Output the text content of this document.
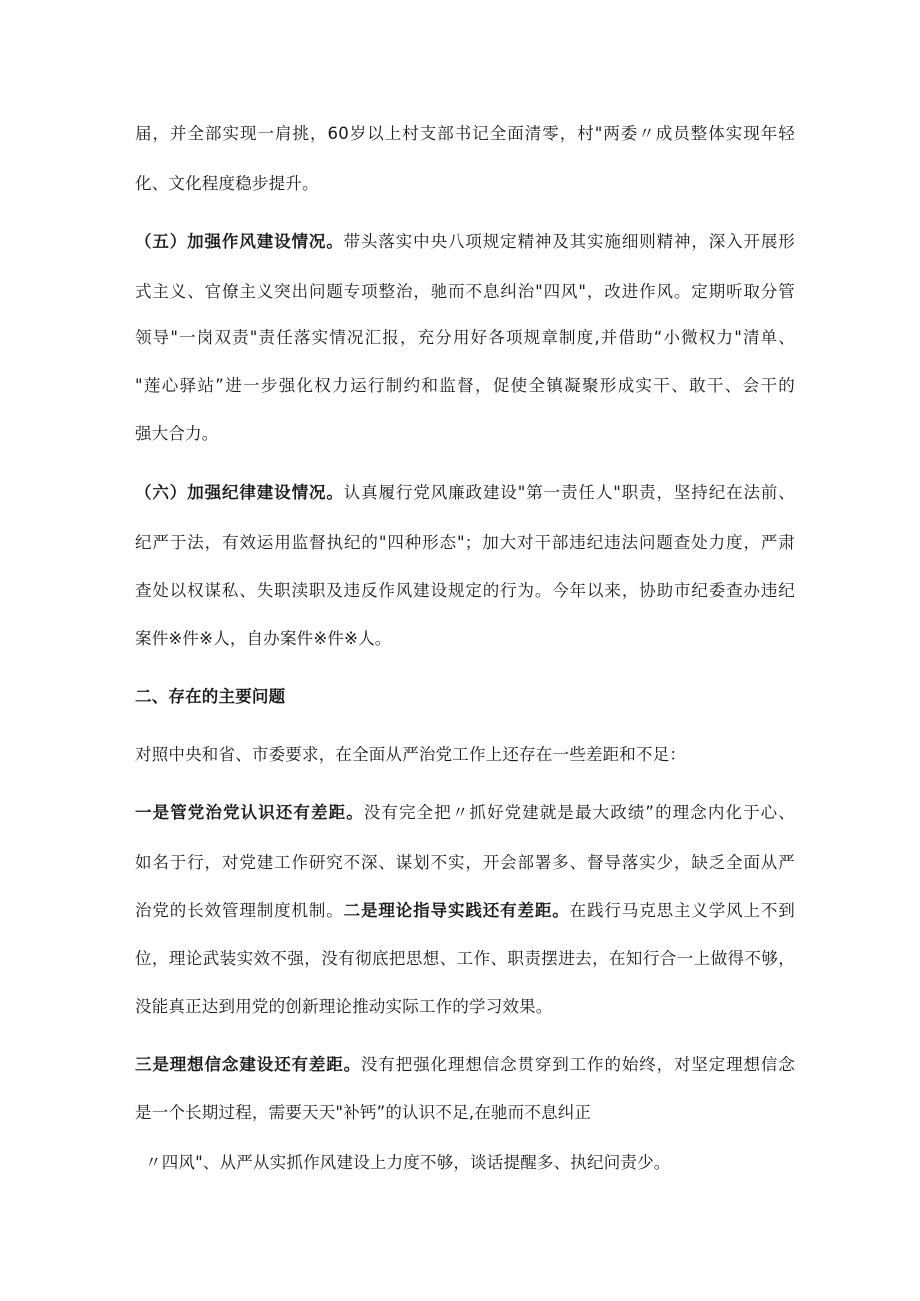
届，并全部实现一肩挑，60岁以上村支部书记全面清零，村"两委〃成员整体实现年轻
化、文化程度稳步提升。
（五）加强作风建设情况。带头落实中央八项规定精神及其实施细则精神，深入开展形
式主义、官僚主义突出问题专项整治，驰而不息纠治"四风"，改进作风。定期听取分管
领导"一岗双责"责任落实情况汇报，充分用好各项规章制度,并借助“小微权力"清单、
"莲心驿站”进一步强化权力运行制约和监督，促使全镇凝聚形成实干、敢干、会干的
强大合力。
（六）加强纪律建设情况。认真履行党风廉政建设"第一责任人"职责，坚持纪在法前、
纪严于法，有效运用监督执纪的"四种形态"；加大对干部违纪违法问题查处力度，严肃
查处以权谋私、失职渎职及违反作风建设规定的行为。今年以来，协助市纪委查办违纪
案件※件※人，自办案件※件※人。
二、存在的主要问题
对照中央和省、市委要求，在全面从严治党工作上还存在一些差距和不足：
一是管党治党认识还有差距。没有完全把〃抓好党建就是最大政绩”的理念内化于心、
如名于行，对党建工作研究不深、谋划不实，开会部署多、督导落实少，缺乏全面从严
治党的长效管理制度机制。二是理论指导实践还有差距。在践行马克思主义学风上不到
位，理论武装实效不强，没有彻底把思想、工作、职责摆进去，在知行合一上做得不够，
没能真正达到用党的创新理论推动实际工作的学习效果。
三是理想信念建设还有差距。没有把强化理想信念贯穿到工作的始终，对坚定理想信念
是一个长期过程，需要天天"补钙”的认识不足,在驰而不息纠正
〃四风"、从严从实抓作风建设上力度不够，谈话提醒多、执纪问责少。
